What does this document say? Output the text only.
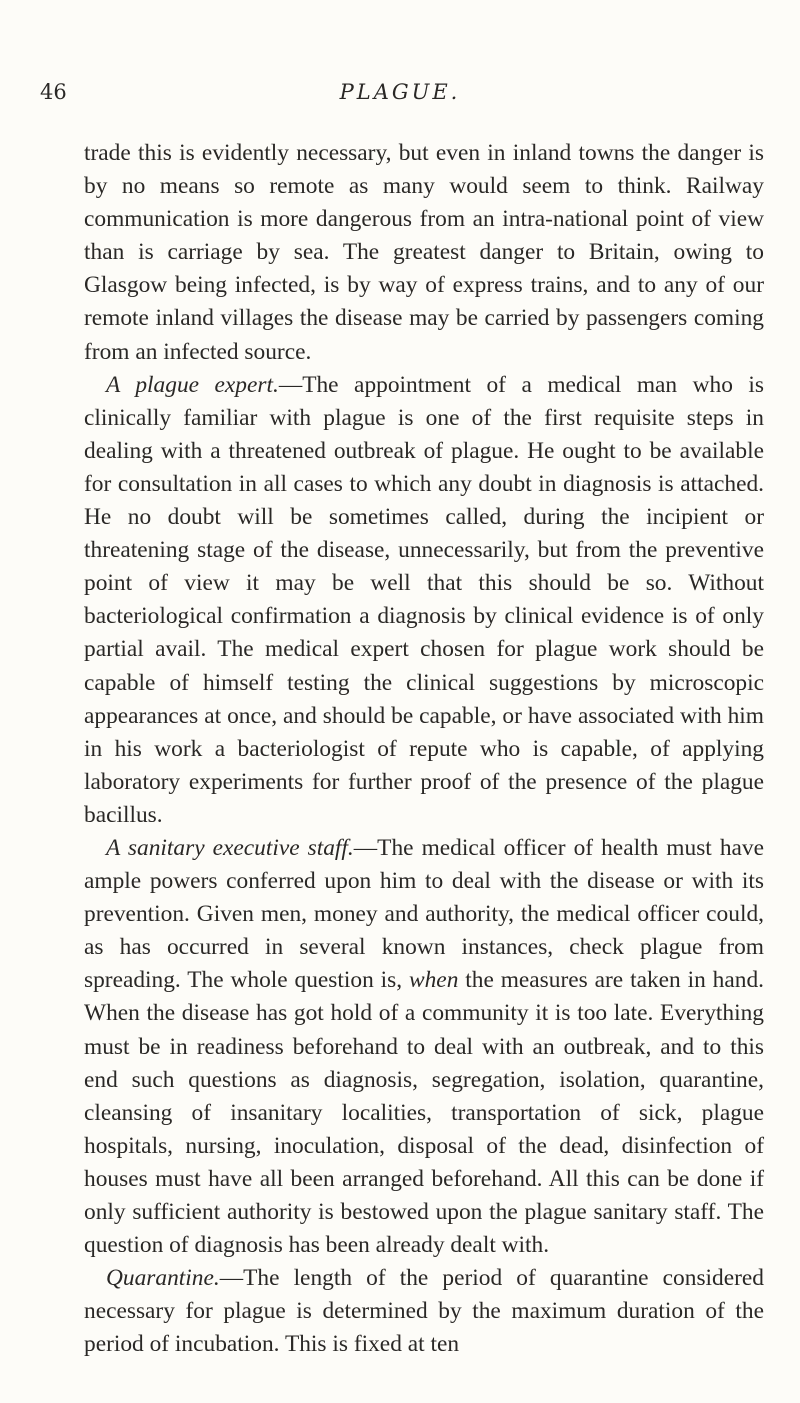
46	PLAGUE.

trade this is evidently necessary, but even in inland towns the danger is by no means so remote as many would seem to think. Railway communication is more dangerous from an intra-national point of view than is carriage by sea. The greatest danger to Britain, owing to Glasgow being infected, is by way of express trains, and to any of our remote inland villages the disease may be carried by passengers coming from an infected source.

A plague expert.—The appointment of a medical man who is clinically familiar with plague is one of the first requisite steps in dealing with a threatened outbreak of plague. He ought to be available for consultation in all cases to which any doubt in diagnosis is attached. He no doubt will be sometimes called, during the incipient or threatening stage of the disease, unnecessarily, but from the preventive point of view it may be well that this should be so. Without bacteriological confirmation a diagnosis by clinical evidence is of only partial avail. The medical expert chosen for plague work should be capable of himself testing the clinical suggestions by microscopic appearances at once, and should be capable, or have associated with him in his work a bacteriologist of repute who is capable, of applying laboratory experiments for further proof of the presence of the plague bacillus.

A sanitary executive staff.—The medical officer of health must have ample powers conferred upon him to deal with the disease or with its prevention. Given men, money and authority, the medical officer could, as has occurred in several known instances, check plague from spreading. The whole question is, when the measures are taken in hand. When the disease has got hold of a community it is too late. Everything must be in readiness beforehand to deal with an outbreak, and to this end such questions as diagnosis, segregation, isolation, quarantine, cleansing of insanitary localities, transportation of sick, plague hospitals, nursing, inoculation, disposal of the dead, disinfection of houses must have all been arranged beforehand. All this can be done if only sufficient authority is bestowed upon the plague sanitary staff. The question of diagnosis has been already dealt with.

Quarantine.—The length of the period of quarantine considered necessary for plague is determined by the maximum duration of the period of incubation. This is fixed at ten
